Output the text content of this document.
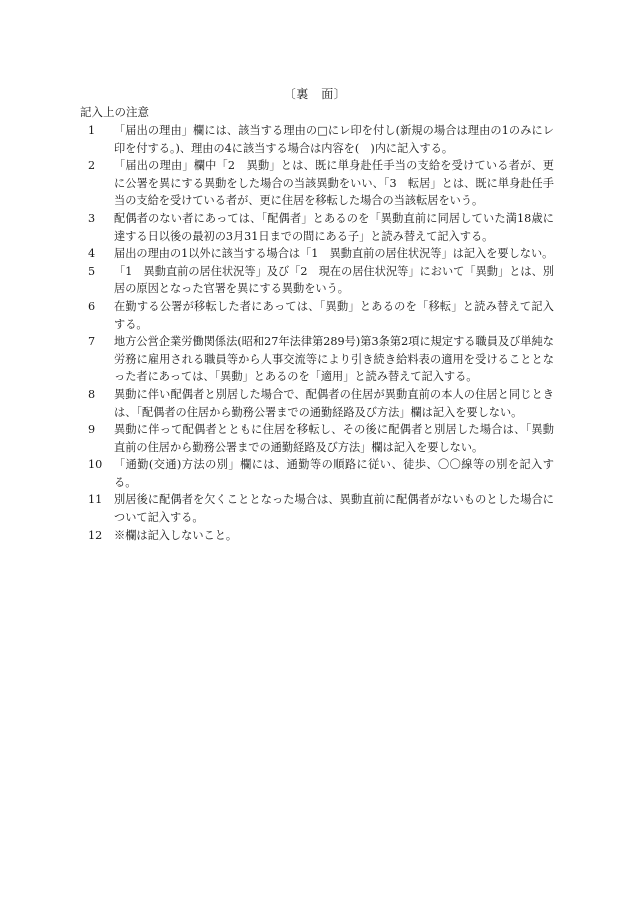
〔裏　面〕
記入上の注意

1	「届出の理由」欄には、該当する理由の□にレ印を付し(新規の場合は理由の1のみにレ印を付する。)、理由の4に該当する場合は内容を(　)内に記入する。

2	「届出の理由」欄中「2　異動」とは、既に単身赴任手当の支給を受けている者が、更に公署を異にする異動をした場合の当該異動をいい、「3　転居」とは、既に単身赴任手当の支給を受けている者が、更に住居を移転した場合の当該転居をいう。

3	配偶者のない者にあっては、「配偶者」とあるのを「異動直前に同居していた満18歳に達する日以後の最初の3月31日までの間にある子」と読み替えて記入する。

4	届出の理由の1以外に該当する場合は「1　異動直前の居住状況等」は記入を要しない。

5	「1　異動直前の居住状況等」及び「2　現在の居住状況等」において「異動」とは、別居の原因となった官署を異にする異動をいう。

6	在勤する公署が移転した者にあっては、「異動」とあるのを「移転」と読み替えて記入する。

7	地方公営企業労働関係法(昭和27年法律第289号)第3条第2項に規定する職員及び単純な労務に雇用される職員等から人事交流等により引き続き給料表の適用を受けることとなった者にあっては、「異動」とあるのを「適用」と読み替えて記入する。

8	異動に伴い配偶者と別居した場合で、配偶者の住居が異動直前の本人の住居と同じときは、「配偶者の住居から勤務公署までの通勤経路及び方法」欄は記入を要しない。

9	異動に伴って配偶者とともに住居を移転し、その後に配偶者と別居した場合は、「異動直前の住居から勤務公署までの通勤経路及び方法」欄は記入を要しない。

10	「通勤(交通)方法の別」欄には、通勤等の順路に従い、徒歩、〇〇線等の別を記入する。

11	別居後に配偶者を欠くこととなった場合は、異動直前に配偶者がないものとした場合について記入する。

12	※欄は記入しないこと。
